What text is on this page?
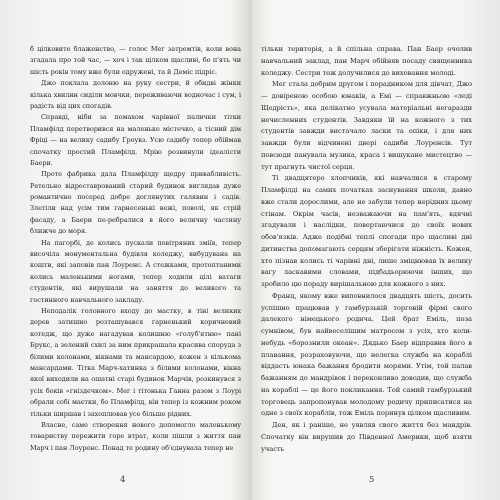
б цілковите блаженство, — голос Мег затремтів, коли вона згадала про той час, — хоч і так цілком щасливі, бо п'ять чи шість років тому вже були одружені, та й Деміс підріс.

Джо поклала долоню на руку сестри, й обидві жінки кілька хвилин сиділи мовчки, переживаючи водночас і сум, і радість від цих спогадів.

Справді, ніби за помахом чарівної палички тітки Пламфілд перетворився на маленьке містечко, а тісний дім Фріці — на велику садибу Ґроувз. Усю садибу тепер обіймав спочатку простий Пламфілд. Мрію розвинули ідеалісти Баери.

Проте фабрика дала Пламфілду щедру привабливість. Ретельно відреставрований старий будинок виглядав дуже романтично посеред добре доглянутих галявин і садів. Злетіли над усім тим гарнесенькі вежі, поволі, як стрій фасаду, а Баери пе-ребралися в його величну частину ближче до моря.

На пагорбі, де колись пускали повітряних зміїв, тепер височіла монументальна будівля коледжу, вибудувана на кошти, які заповів пан Лоуренс. А стежками, протоптаними колись маленькими ногами, тепер ходили цілі ватаги студентів, які вирушали на заняття до великого та гостинного навчального закладу.

Неподалік головного входу до мастку, в тіні великих дерев затишно розташувався гарненький коричневий котедж, що дуже нагадував колишню «голуб'ятню» пані Брукс, а зелений схил за ним прикрашала красива споруда з білими колонами, вікнами та мансардою, кожен з кількома мансардами. Тітка Марч-хатинка з білими колонами, вікна якої виходили на ошатні старі будинок Марчів, розкинувся з усіх боків «гніздечком». Мег і тітонька Ганна разом з Лоурі обрали собі маєтки, бо Пламфілд, він тепер із кожним роком тільки ширшав і захоплював усе більше рідних.

Власне, саме створення нового допомогло маленькому товариству пережити горе втрат, коли пішли з життя пан Марч і пан Лоуренс. Понад те родину об'єднувала тепер не

4

тільки територія, а й спільна справа. Пан Баер очолив навчальний заклад, пан Марч обійняв посаду священника коледжу. Сестри теж долучилися до виховання молоді.

Мег стала добрим другом і порадником для дівчат, Джо — довіреною особою юнаків, а Емі — справжньою «леді Щедрість», яка делікатно усувала матеріальні негаразди нечисленних студентів. Завдяки їй на кожного з тих студентів завжди вистачало ласки та опіки, і для них завжди були відчинені двері садиби Лоуренсів. Тут повсюди панувала музика, краса і вишукане мистецтво — тут прагнуть чистої серця.

Ті двадцятеро хлопчиків, які навчалися в старому Пламфілді на самих початках заснування школи, давно вже стали дорослими, але не забули тепер нерідних цьому стінам. Окрім часів, незважаючи на пам'ять, вдячні згадували і наслідки, повертаючися до своїх нових обов'язків. Адже подібні теплі спогади про щасливі дні дитинства допомагають серцям зберігати ніжність. Кожен, хто пізнав колись ті чарівні дні, лише зміцнював їх велику вагу ласкавими словами, підбадьорюючи інших, що зробило цю пораду вирішальною для кожного з них.

Франц, якому вже виповнилося двадцять шість, досить успішно працював у гамбурзькій торговій фірмі свого далекого німецького родича. Цей брат Еміль, поза сумнівом, був найвеселішим матросом з усіх, хто коли-небудь «борознили океан». Дядько Баер відправив його в плавання, розраховуючи, що нелегка служба на кораблі віддасть юнака бажання бродити морями. Утім, той палав бажанням до мандрівок і переконливо доводив, що служба на кораблі — це його покликання. Той самий гамбурзький торговець запропонував молодому родичу приписатися на одне з своїх кораблів, тож Еміль поринув цілком щасливим.

Ден, як і раніше, не уявляв свого життя без мандрів. Спочатку він вирушив до Південної Америки, щоб взяти участь

5
